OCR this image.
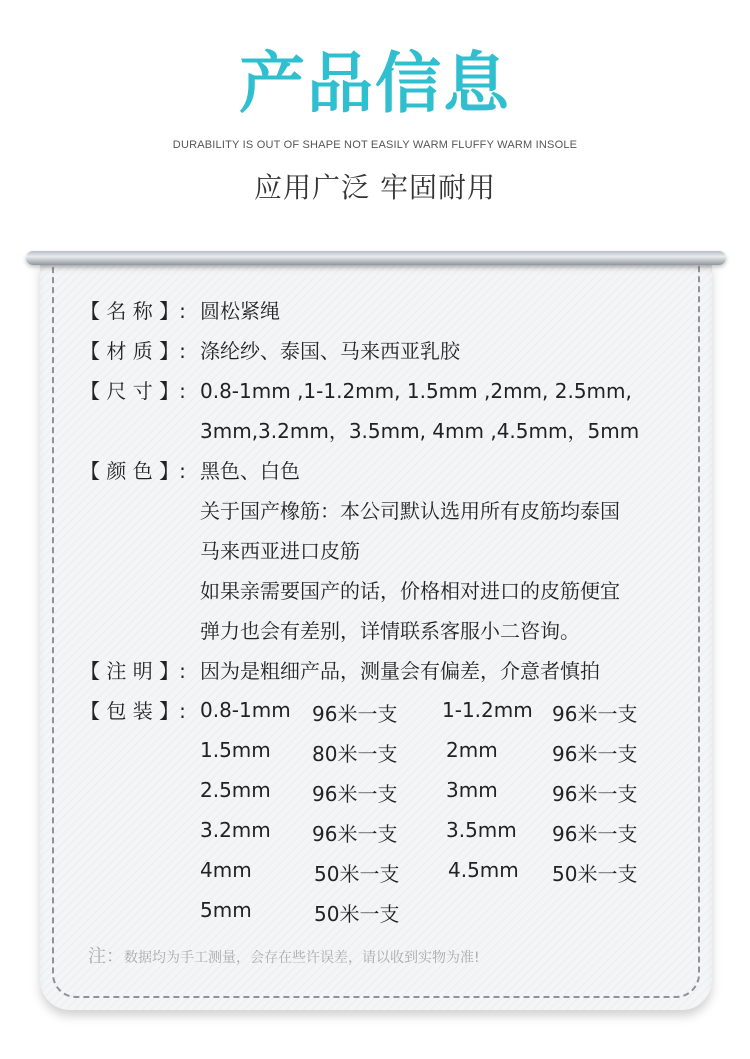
产品信息
DURABILITY IS OUT OF SHAPE NOT EASILY WARM FLUFFY WARM INSOLE
应用广泛 牢固耐用
【 名 称 】: 圆松紧绳
【 材 质 】: 涤纶纱、泰国、马来西亚乳胶
【 尺 寸 】: 0.8-1mm ,1-1.2mm, 1.5mm ,2mm, 2.5mm,
3mm,3.2mm，3.5mm, 4mm ,4.5mm，5mm
【 颜 色 】: 黑色、白色
关于国产橡筋：本公司默认选用所有皮筋均泰国
马来西亚进口皮筋
如果亲需要国产的话，价格相对进口的皮筋便宜
弹力也会有差别，详情联系客服小二咨询。
【 注 明 】: 因为是粗细产品，测量会有偏差，介意者慎拍
【 包 装 】: 0.8-1mm 96米一支 1-1.2mm 96米一支
1.5mm 80米一支 2mm	96米一支
2.5mm 96米一支 3mm	96米一支
3.2mm 96米一支 3.5mm 96米一支
4mm	50米一支 4.5mm 50米一支
5mm	50米一支
注：数据均为手工测量，会存在些许误差，请以收到实物为准!
